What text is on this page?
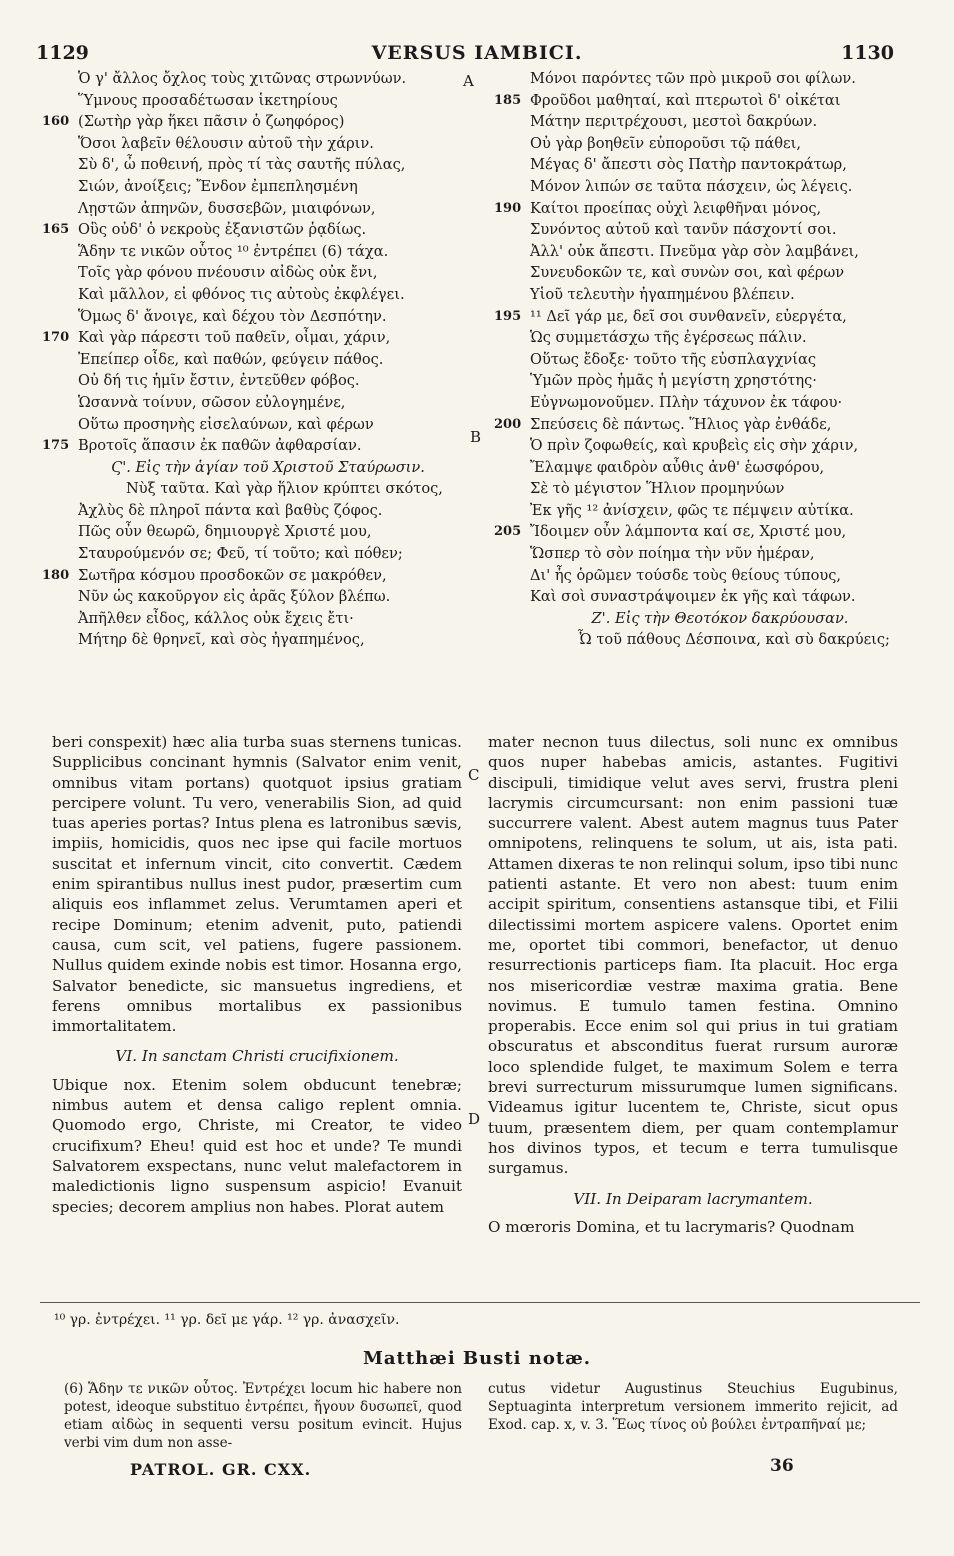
1129	VERSUS IAMBICI.	1130
A
B
C
D
Ὁ γ' ἄλλος ὄχλος τοὺς χιτῶνας στρωννύων.
Ὕμνους προσαδέτωσαν ἱκετηρίους
160 (Σωτὴρ γὰρ ἥκει πᾶσιν ὁ ζωηφόρος)
Ὅσοι λαβεῖν θέλουσιν αὐτοῦ τὴν χάριν.
Σὺ δ', ὦ ποθεινή, πρὸς τί τὰς σαυτῆς πύλας,
Σιών, ἀνοίξεις; Ἔνδον ἐμπεπλησμένη
Λῃστῶν ἀπηνῶν, δυσσεβῶν, μιαιφόνων,
165 Οὓς οὐδ' ὁ νεκροὺς ἐξανιστῶν ῥᾳδίως.
Ἅδην τε νικῶν οὗτος ¹⁰ ἐντρέπει (6) τάχα.
Τοῖς γὰρ φόνου πνέουσιν αἰδὼς οὐκ ἔνι,
Καὶ μᾶλλον, εἰ φθόνος τις αὐτοὺς ἐκφλέγει.
Ὅμως δ' ἄνοιγε, καὶ δέχου τὸν Δεσπότην.
170 Καὶ γὰρ πάρεστι τοῦ παθεῖν, οἶμαι, χάριν,
Ἐπείπερ οἶδε, καὶ παθών, φεύγειν πάθος.
Οὐ δή τις ἡμῖν ἔστιν, ἐντεῦθεν φόβος.
Ὡσαννὰ τοίνυν, σῶσον εὐλογημένε,
Οὕτω προσηνὴς εἰσελαύνων, καὶ φέρων
175 Βροτοῖς ἅπασιν ἐκ παθῶν ἀφθαρσίαν.
Ϛ'. Εἰς τὴν ἁγίαν τοῦ Χριστοῦ Σταύρωσιν.
Νὺξ ταῦτα. Καὶ γὰρ ἥλιον κρύπτει σκότος,
Ἀχλὺς δὲ πληροῖ πάντα καὶ βαθὺς ζόφος.
Πῶς οὖν θεωρῶ, δημιουργὲ Χριστέ μου,
Σταυρούμενόν σε; Φεῦ, τί τοῦτο; καὶ πόθεν;
180 Σωτῆρα κόσμου προσδοκῶν σε μακρόθεν,
Νῦν ὡς κακοῦργον εἰς ἀρᾶς ξύλον βλέπω.
Ἀπῆλθεν εἶδος, κάλλος οὐκ ἔχεις ἔτι·
Μήτηρ δὲ θρηνεῖ, καὶ σὸς ἠγαπημένος,
Μόνοι παρόντες τῶν πρὸ μικροῦ σοι φίλων.
185 Φροῦδοι μαθηταί, καὶ πτερωτοὶ δ' οἰκέται
Μάτην περιτρέχουσι, μεστοὶ δακρύων.
Οὐ γὰρ βοηθεῖν εὐποροῦσι τῷ πάθει,
Μέγας δ' ἄπεστι σὸς Πατὴρ παντοκράτωρ,
Μόνον λιπών σε ταῦτα πάσχειν, ὡς λέγεις.
190 Καίτοι προείπας οὐχὶ λειφθῆναι μόνος,
Συνόντος αὐτοῦ καὶ τανῦν πάσχοντί σοι.
Ἀλλ' οὐκ ἄπεστι. Πνεῦμα γὰρ σὸν λαμβάνει,
Συνευδοκῶν τε, καὶ συνὼν σοι, καὶ φέρων
Υἱοῦ τελευτὴν ἠγαπημένου βλέπειν.
195 ¹¹ Δεῖ γάρ με, δεῖ σοι συνθανεῖν, εὐεργέτα,
Ὡς συμμετάσχω τῆς ἐγέρσεως πάλιν.
Οὕτως ἔδοξε· τοῦτο τῆς εὐσπλαγχνίας
Ὑμῶν πρὸς ἡμᾶς ἡ μεγίστη χρηστότης·
Εὐγνωμονοῦμεν. Πλὴν τάχυνον ἐκ τάφου·
200 Σπεύσεις δὲ πάντως. Ἥλιος γὰρ ἐνθάδε,
Ὁ πρὶν ζοφωθείς, καὶ κρυβεὶς εἰς σὴν χάριν,
Ἔλαμψε φαιδρὸν αὖθις ἀνθ' ἑωσφόρου,
Σὲ τὸ μέγιστον Ἥλιον προμηνύων
Ἐκ γῆς ¹² ἀνίσχειν, φῶς τε πέμψειν αὐτίκα.
205 Ἴδοιμεν οὖν λάμποντα καί σε, Χριστέ μου,
Ὥσπερ τὸ σὸν ποίημα τὴν νῦν ἡμέραν,
Δι' ἧς ὁρῶμεν τούσδε τοὺς θείους τύπους,
Καὶ σοὶ συναστράψοιμεν ἐκ γῆς καὶ τάφων.
Ζ'. Εἰς τὴν Θεοτόκον δακρύουσαν.
Ὦ τοῦ πάθους Δέσποινα, καὶ σὺ δακρύεις;

beri conspexit) hæc alia turba suas sternens tunicas. Supplicibus concinant hymnis (Salvator enim venit, omnibus vitam portans) quotquot ipsius gratiam percipere volunt. Tu vero, venerabilis Sion, ad quid tuas aperies portas? Intus plena es latronibus sævis, impiis, homicidis, quos nec ipse qui facile mortuos suscitat et infernum vincit, cito convertit. Cædem enim spirantibus nullus inest pudor, præsertim cum aliquis eos inflammet zelus. Verumtamen aperi et recipe Dominum; etenim advenit, puto, patiendi causa, cum scit, vel patiens, fugere passionem. Nullus quidem exinde nobis est timor. Hosanna ergo, Salvator benedicte, sic mansuetus ingrediens, et ferens omnibus mortalibus ex passionibus immortalitatem.

VI. In sanctam Christi crucifixionem.

Ubique nox. Etenim solem obducunt tenebræ; nimbus autem et densa caligo replent omnia. Quomodo ergo, Christe, mi Creator, te video crucifixum? Eheu! quid est hoc et unde? Te mundi Salvatorem exspectans, nunc velut malefactorem in maledictionis ligno suspensum aspicio! Evanuit species; decorem amplius non habes. Plorat autem

mater necnon tuus dilectus, soli nunc ex omnibus quos nuper habebas amicis, astantes. Fugitivi discipuli, timidique velut aves servi, frustra pleni lacrymis circumcursant: non enim passioni tuæ succurrere valent. Abest autem magnus tuus Pater omnipotens, relinquens te solum, ut ais, ista pati. Attamen dixeras te non relinqui solum, ipso tibi nunc patienti astante. Et vero non abest: tuum enim accipit spiritum, consentiens astansque tibi, et Filii dilectissimi mortem aspicere valens. Oportet enim me, oportet tibi commori, benefactor, ut denuo resurrectionis particeps fiam. Ita placuit. Hoc erga nos misericordiæ vestræ maxima gratia. Bene novimus. E tumulo tamen festina. Omnino properabis. Ecce enim sol qui prius in tui gratiam obscuratus et absconditus fuerat rursum auroræ loco splendide fulget, te maximum Solem e terra brevi surrecturum missurumque lumen significans. Videamus igitur lucentem te, Christe, sicut opus tuum, præsentem diem, per quam contemplamur hos divinos typos, et tecum e terra tumulisque surgamus.

VII. In Deiparam lacrymantem.

O mœroris Domina, et tu lacrymaris? Quodnam

¹⁰ γρ. ἐντρέχει. ¹¹ γρ. δεῖ με γάρ. ¹² γρ. ἀνασχεῖν.
Matthæi Busti notæ.
(6) Ἅδην τε νικῶν οὗτος. Ἐντρέχει locum hic habere non potest, ideoque substituo ἐντρέπει, ἤγουν δυσωπεῖ, quod etiam αἰδὼς in sequenti versu positum evincit. Hujus verbi vim dum non asse-
cutus videtur Augustinus Steuchius Eugubinus, Septuaginta interpretum versionem immerito rejicit, ad Exod. cap. x, v. 3. Ἕως τίνος οὐ βούλει ἐντραπῆναί με;
PATROL. GR. CXX.	36
